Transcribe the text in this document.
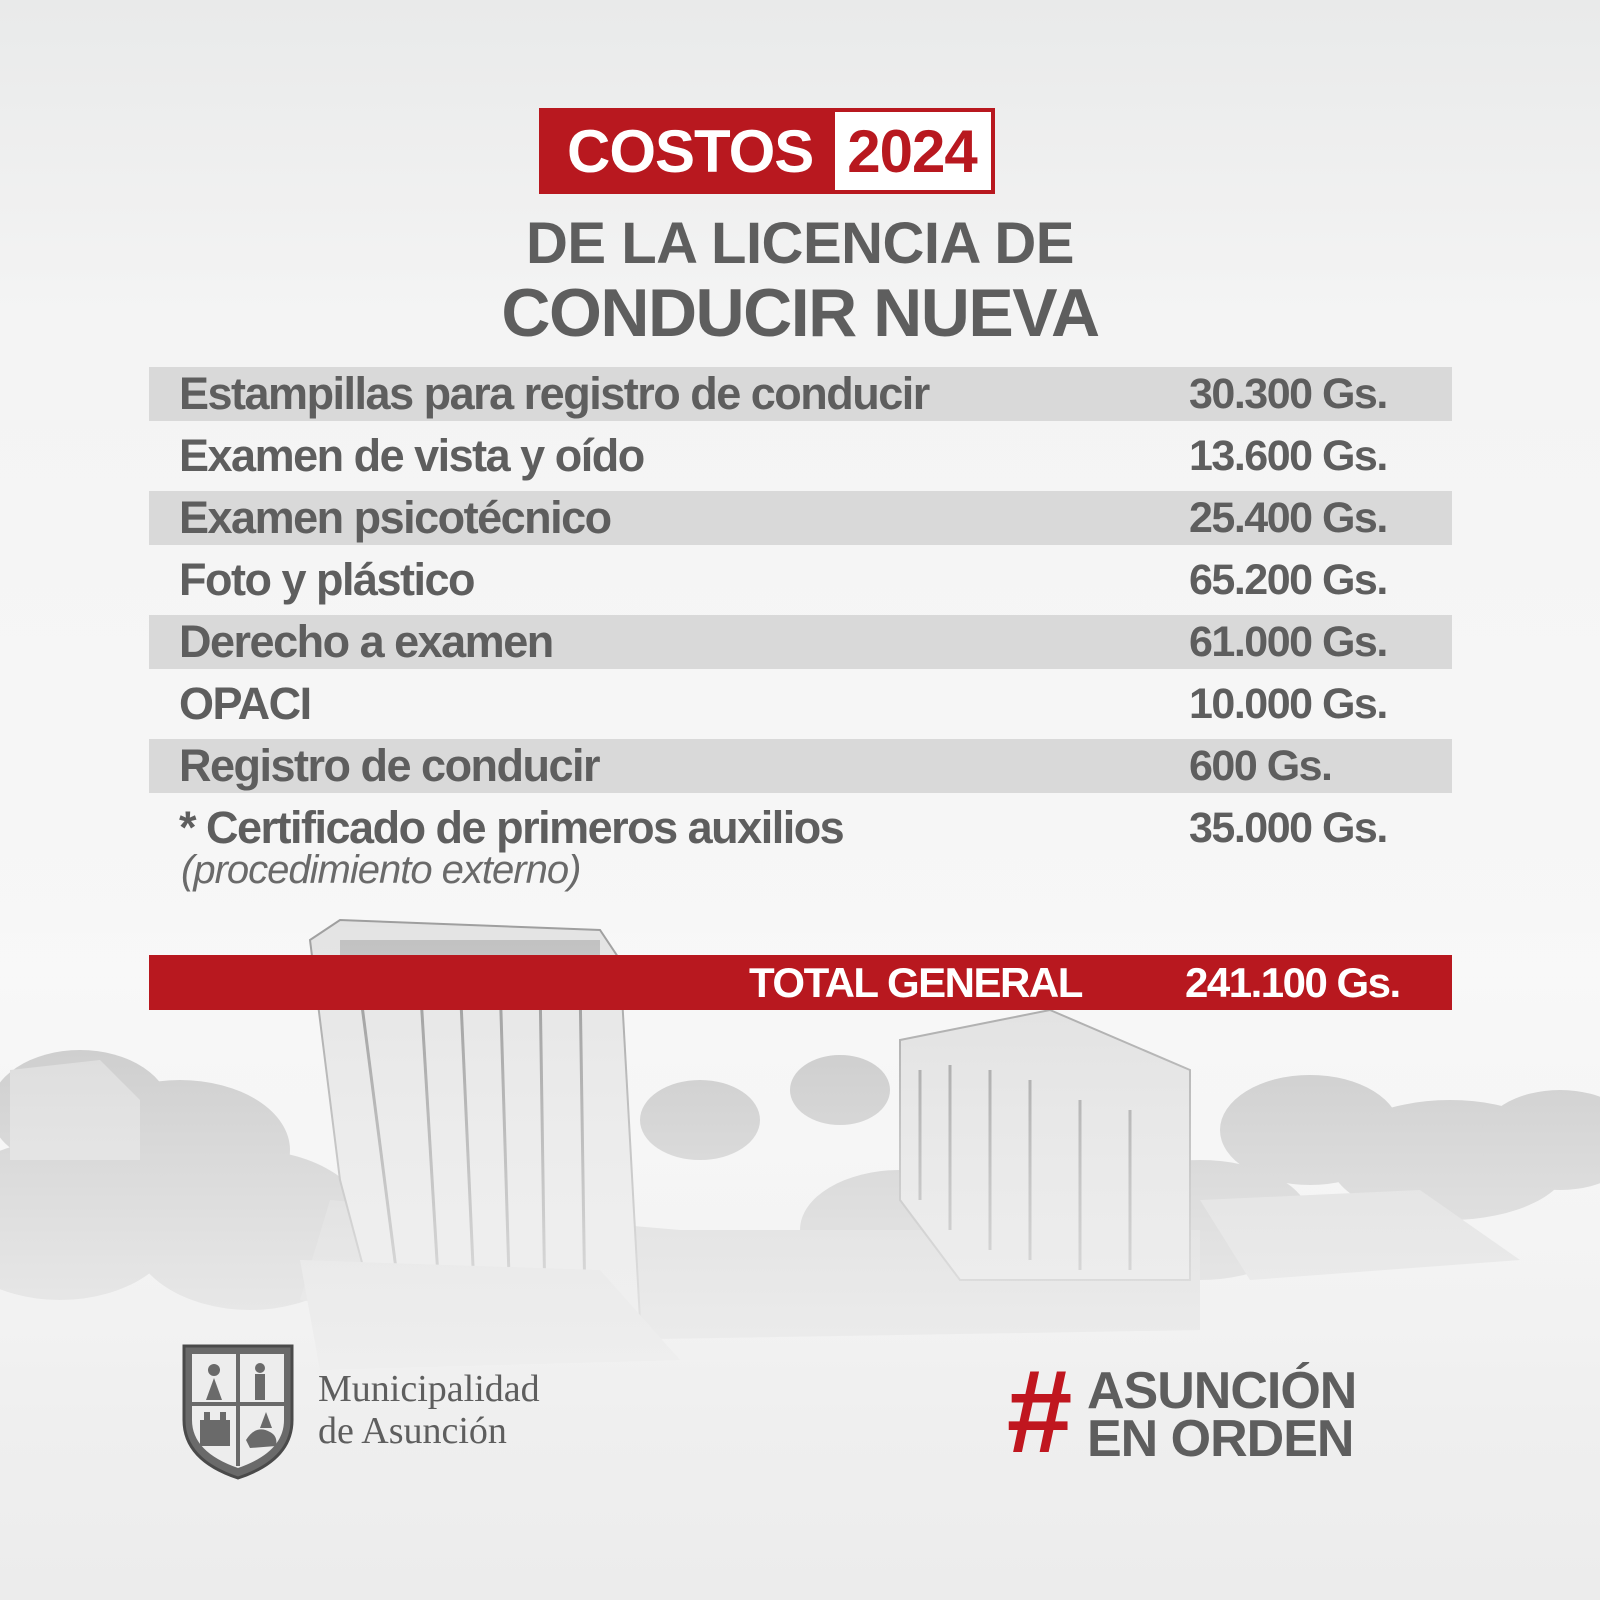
COSTOS 2024
DE LA LICENCIA DE
CONDUCIR NUEVA
Estampillas para registro de conducir	30.300 Gs.
Examen de vista y oído	13.600 Gs.
Examen psicotécnico	25.400 Gs.
Foto y plástico	65.200 Gs.
Derecho a examen	61.000 Gs.
OPACI	10.000 Gs.
Registro de conducir	600 Gs.
* Certificado de primeros auxilios	35.000 Gs.
(procedimiento externo)
TOTAL GENERAL 241.100 Gs.
Municipalidad
de Asunción	# ASUNCIÓN
EN ORDEN
